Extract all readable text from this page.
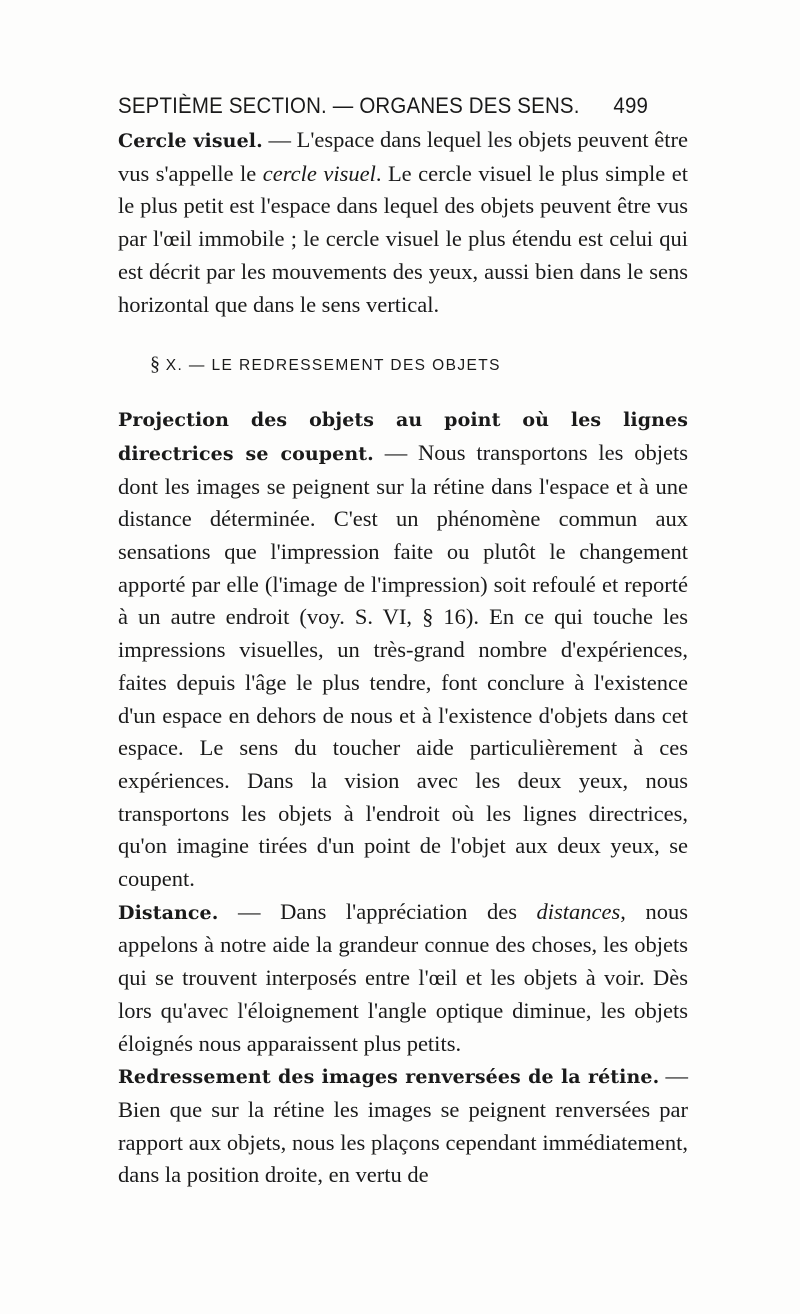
SEPTIÈME SECTION. — ORGANES DES SENS. 499

Cercle visuel. — L'espace dans lequel les objets peuvent être vus s'appelle le cercle visuel. Le cercle visuel le plus simple et le plus petit est l'espace dans lequel des objets peuvent être vus par l'œil immobile ; le cercle visuel le plus étendu est celui qui est décrit par les mouvements des yeux, aussi bien dans le sens horizontal que dans le sens vertical.

§ X. — LE REDRESSEMENT DES OBJETS

Projection des objets au point où les lignes directrices se coupent. — Nous transportons les objets dont les images se peignent sur la rétine dans l'espace et à une distance déterminée. C'est un phénomène commun aux sensations que l'impression faite ou plutôt le changement apporté par elle (l'image de l'impression) soit refoulé et reporté à un autre endroit (voy. S. VI, § 16). En ce qui touche les impressions visuelles, un très-grand nombre d'expériences, faites depuis l'âge le plus tendre, font conclure à l'existence d'un espace en dehors de nous et à l'existence d'objets dans cet espace. Le sens du toucher aide particulièrement à ces expériences. Dans la vision avec les deux yeux, nous transportons les objets à l'endroit où les lignes directrices, qu'on imagine tirées d'un point de l'objet aux deux yeux, se coupent.

Distance. — Dans l'appréciation des distances, nous appelons à notre aide la grandeur connue des choses, les objets qui se trouvent interposés entre l'œil et les objets à voir. Dès lors qu'avec l'éloignement l'angle optique diminue, les objets éloignés nous apparaissent plus petits.

Redressement des images renversées de la rétine. — Bien que sur la rétine les images se peignent renversées par rapport aux objets, nous les plaçons cependant immédiatement, dans la position droite, en vertu de
